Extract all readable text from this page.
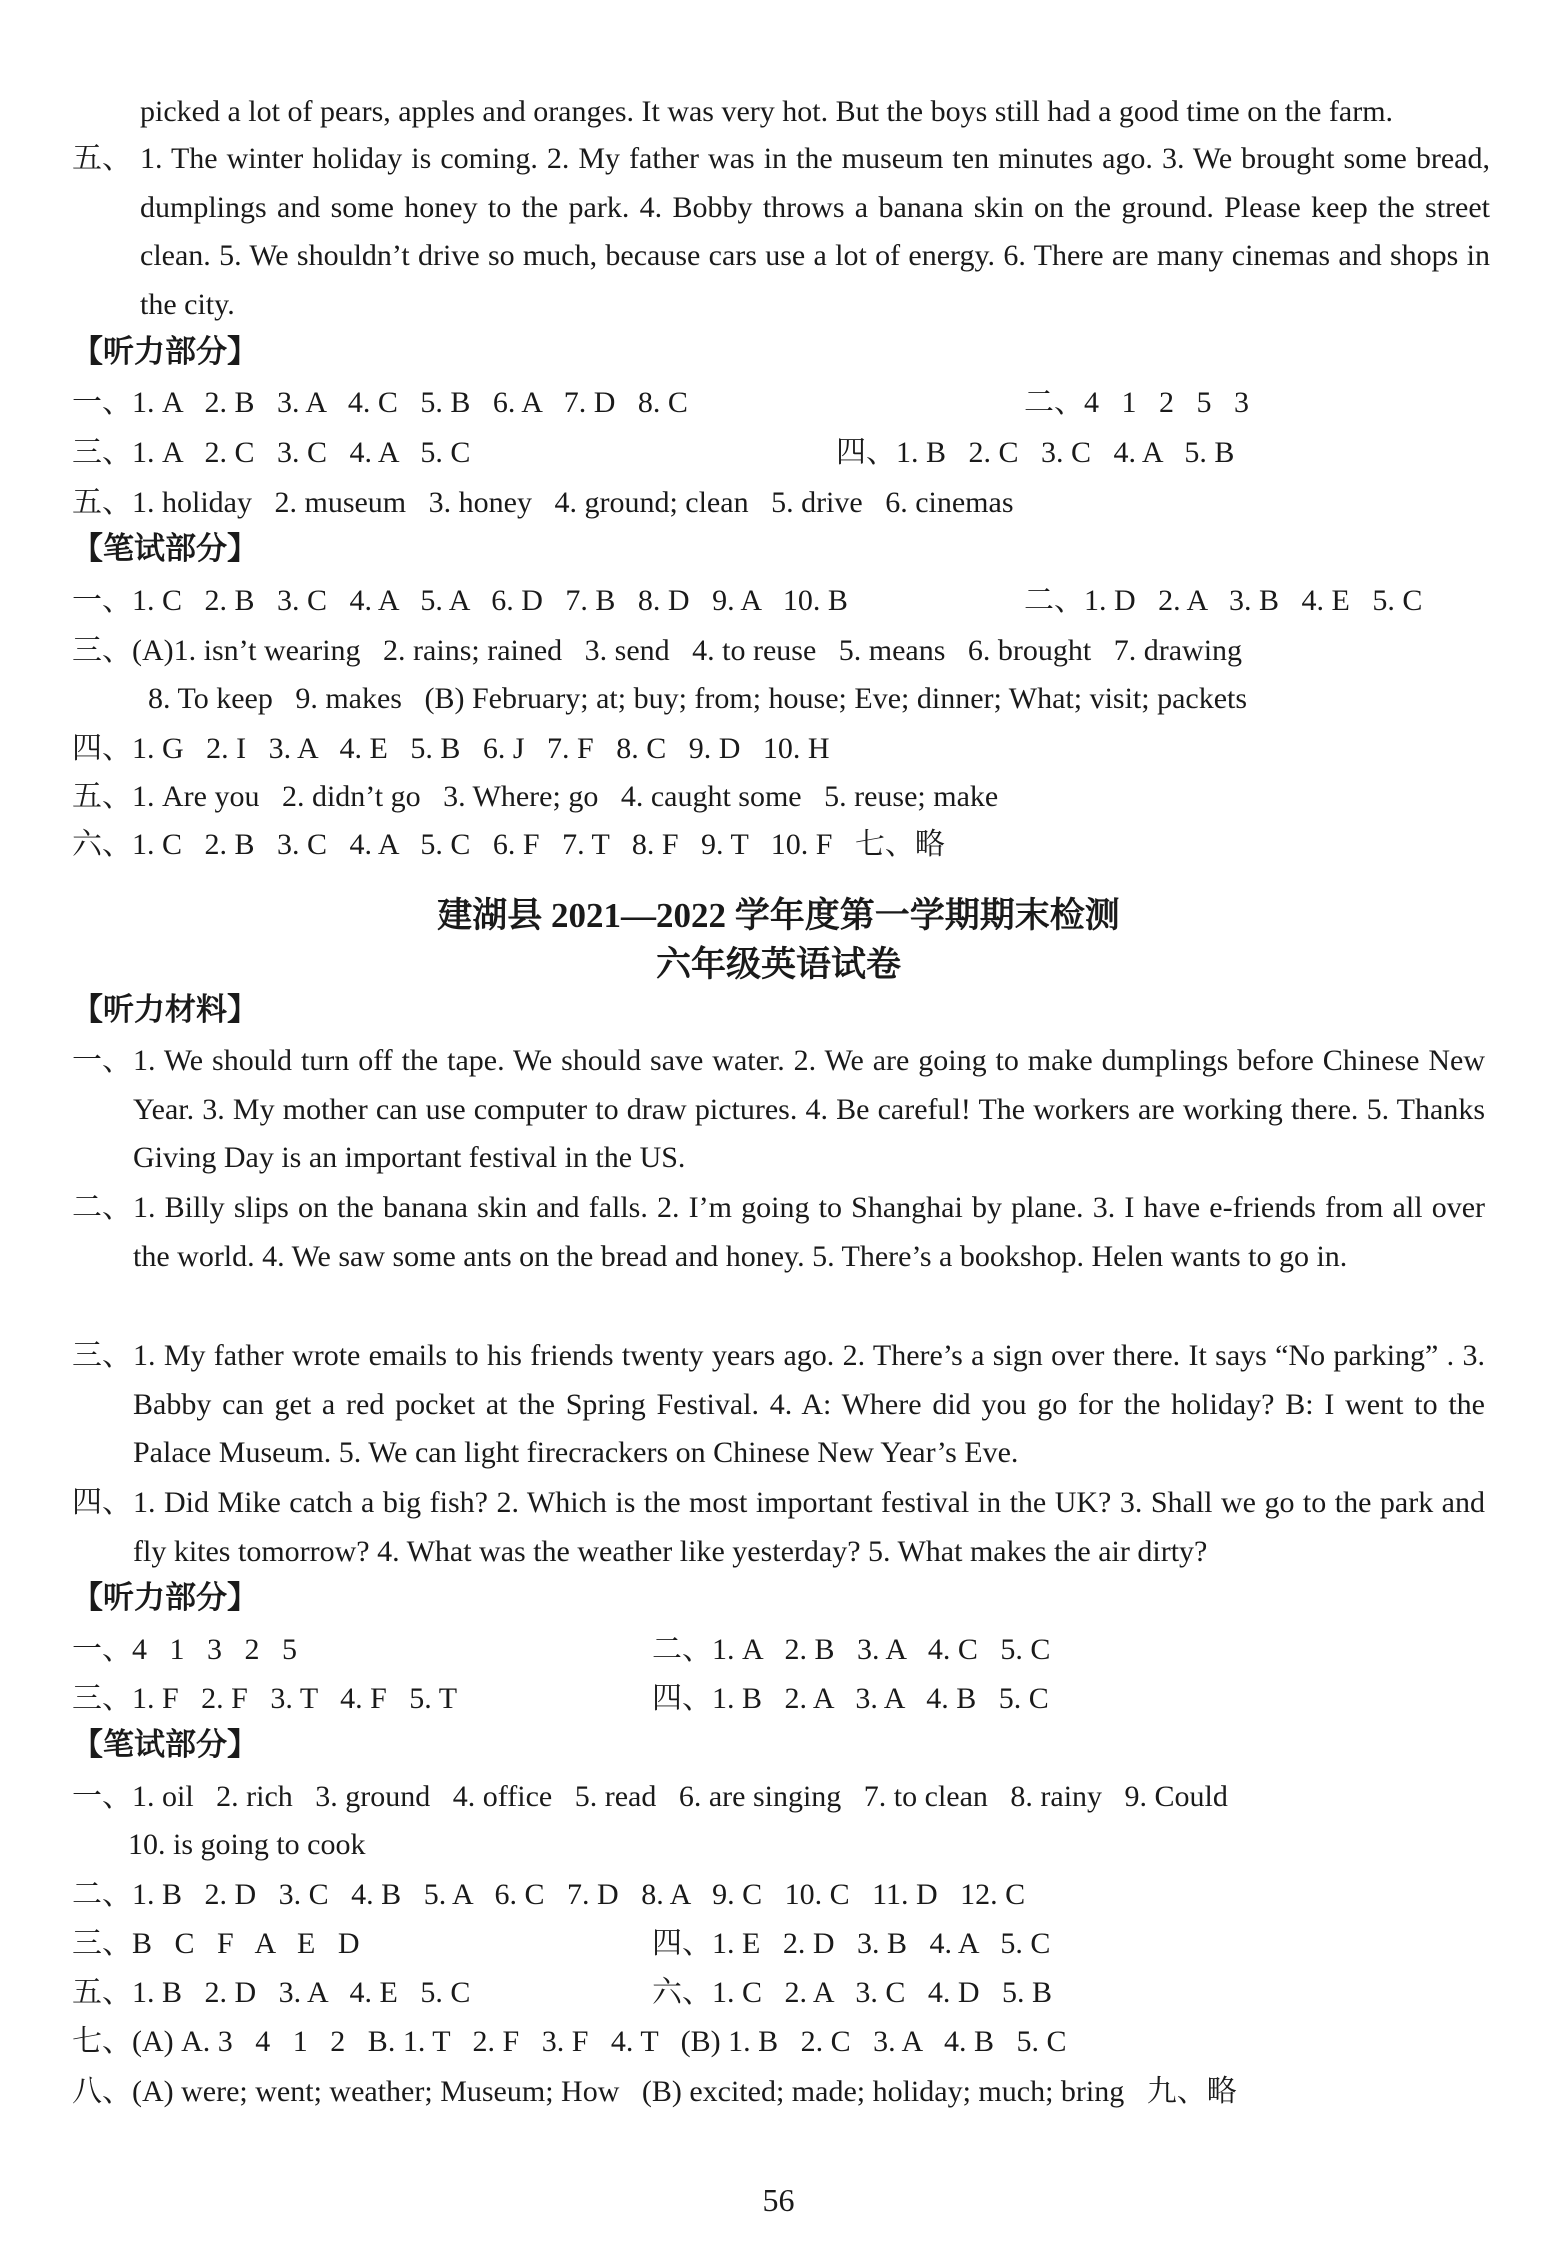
picked a lot of pears, apples and oranges. It was very hot. But the boys still had a good time on the farm.
五、 1. The winter holiday is coming. 2. My father was in the museum ten minutes ago. 3. We brought some bread, dumplings and some honey to the park. 4. Bobby throws a banana skin on the ground. Please keep the street clean. 5. We shouldn’t drive so much, because cars use a lot of energy. 6. There are many cinemas and shops in the city.
【听力部分】
一、1. A   2. B   3. A   4. C   5. B   6. A   7. D   8. C	二、4   1   2   5   3
三、1. A   2. C   3. C   4. A   5. C	四、1. B   2. C   3. C   4. A   5. B
五、1. holiday   2. museum   3. honey   4. ground; clean   5. drive   6. cinemas
【笔试部分】
一、1. C   2. B   3. C   4. A   5. A   6. D   7. B   8. D   9. A   10. B	二、1. D   2. A   3. B   4. E   5. C
三、(A)1. isn’t wearing   2. rains; rained   3. send   4. to reuse   5. means   6. brought   7. drawing
8. To keep   9. makes   (B) February; at; buy; from; house; Eve; dinner; What; visit; packets
四、1. G   2. I   3. A   4. E   5. B   6. J   7. F   8. C   9. D   10. H
五、1. Are you   2. didn’t go   3. Where; go   4. caught some   5. reuse; make
六、1. C   2. B   3. C   4. A   5. C   6. F   7. T   8. F   9. T   10. F   七、略
建湖县 2021—2022 学年度第一学期期末检测
六年级英语试卷
【听力材料】
一、 1. We should turn off the tape. We should save water. 2. We are going to make dumplings before Chinese New Year. 3. My mother can use computer to draw pictures. 4. Be careful! The workers are working there. 5. Thanks Giving Day is an important festival in the US.
二、 1. Billy slips on the banana skin and falls. 2. I’m going to Shanghai by plane. 3. I have e-friends from all over the world. 4. We saw some ants on the bread and honey. 5. There’s a bookshop. Helen wants to go in.
三、 1. My father wrote emails to his friends twenty years ago. 2. There’s a sign over there. It says “No parking” . 3. Babby can get a red pocket at the Spring Festival. 4. A: Where did you go for the holiday? B: I went to the Palace Museum. 5. We can light firecrackers on Chinese New Year’s Eve.
四、 1. Did Mike catch a big fish? 2. Which is the most important festival in the UK? 3. Shall we go to the park and fly kites tomorrow? 4. What was the weather like yesterday? 5. What makes the air dirty?
【听力部分】
一、4   1   3   2   5	二、1. A   2. B   3. A   4. C   5. C
三、1. F   2. F   3. T   4. F   5. T	四、1. B   2. A   3. A   4. B   5. C
【笔试部分】
一、1. oil   2. rich   3. ground   4. office   5. read   6. are singing   7. to clean   8. rainy   9. Could
10. is going to cook
二、1. B   2. D   3. C   4. B   5. A   6. C   7. D   8. A   9. C   10. C   11. D   12. C
三、B   C   F   A   E   D	四、1. E   2. D   3. B   4. A   5. C
五、1. B   2. D   3. A   4. E   5. C	六、1. C   2. A   3. C   4. D   5. B
七、(A) A. 3   4   1   2   B. 1. T   2. F   3. F   4. T   (B) 1. B   2. C   3. A   4. B   5. C
八、(A) were; went; weather; Museum; How   (B) excited; made; holiday; much; bring   九、略
56
